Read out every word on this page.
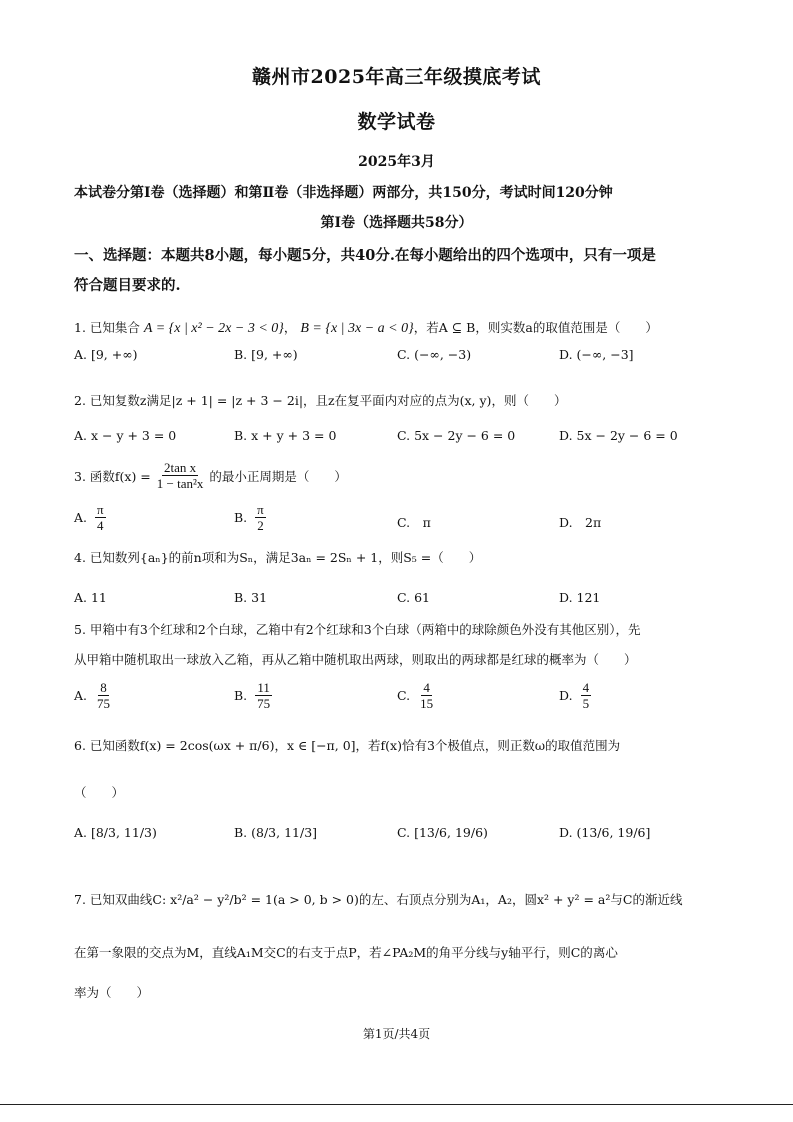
赣州市2025年高三年级摸底考试
数学试卷
2025年3月
本试卷分第Ⅰ卷（选择题）和第Ⅱ卷（非选择题）两部分，共150分，考试时间120分钟
第Ⅰ卷（选择题共58分）
一、选择题：本题共8小题，每小题5分，共40分.在每小题给出的四个选项中，只有一项是
符合题目要求的.
1. 已知集合 A = {x | x² − 2x − 3 < 0}， B = {x | 3x − a < 0}，若A ⊆ B，则实数a的取值范围是（　　）
A. [9, +∞)	B. [9, +∞)	C. (−∞, −3)	D. (−∞, −3]
2. 已知复数z满足|z + 1| = |z + 3 − 2i|，且z在复平面内对应的点为(x, y)，则（　　）
A. x − y + 3 = 0	B. x + y + 3 = 0	C. 5x − 2y − 6 = 0	D. 5x − 2y − 6 = 0
3. 函数$f(x) = \frac{\text{2tan x}}{\text{1 − tan²x}}$ 的最小正周期是（　　）
A. $\frac{\pi}{4}$	B. $\frac{\pi}{2}$	C.　π	D.　2π
4. 已知数列{aₙ}的前n项和为Sₙ，满足3aₙ = 2Sₙ + 1，则S₅ =（　　）
A. 11	B. 31	C. 61	D. 121
5. 甲箱中有3个红球和2个白球，乙箱中有2个红球和3个白球（两箱中的球除颜色外没有其他区别），先
从甲箱中随机取出一球放入乙箱，再从乙箱中随机取出两球，则取出的两球都是红球的概率为（　　）
A. $\frac{8}{75}$	B. $\frac{11}{75}$	C. $\frac{4}{15}$	D. $\frac{4}{5}$
6. 已知函数f(x) = 2cos(ωx + π/6)，x ∈ [−π, 0]，若f(x)恰有3个极值点，则正数ω的取值范围为
（　　）
A. [8/3, 11/3)	B. (8/3, 11/3]	C. [13/6, 19/6)	D. (13/6, 19/6]
7. 已知双曲线C: x²/a² − y²/b² = 1(a > 0, b > 0)的左、右顶点分别为A₁，A₂，圆x² + y² = a²与C的渐近线
在第一象限的交点为M，直线A₁M交C的右支于点P，若∠PA₂M的角平分线与y轴平行，则C的离心
率为（　　）
第1页/共4页
